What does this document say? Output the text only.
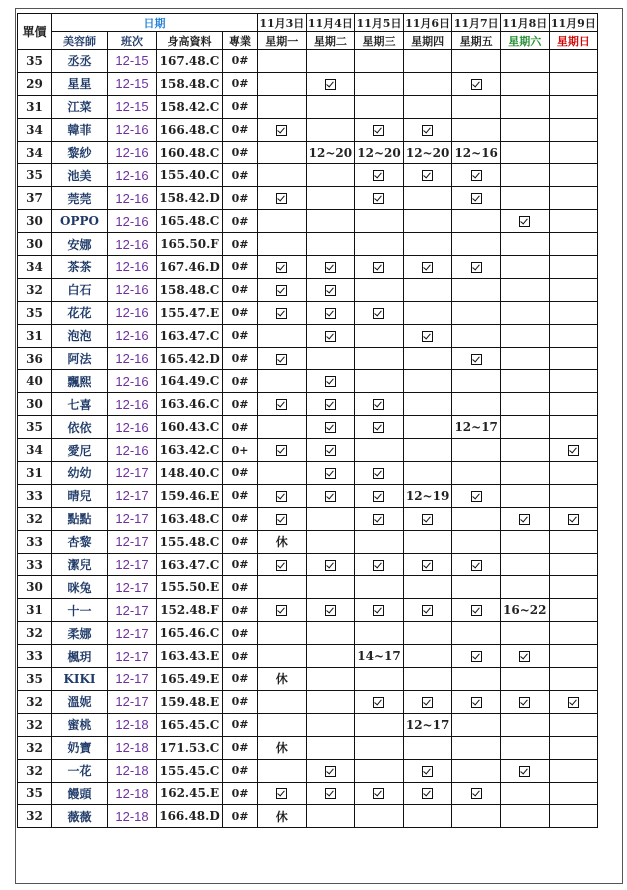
單價	日期				11月3日	11月4日	11月5日	11月6日	11月7日	11月8日	11月9日
	美容師	班次	身高資料	專業	星期一	星期二	星期三	星期四	星期五	星期六	星期日
35	丞丞	12-15	167.48.C	0#							
29	星星	12-15	158.48.C	0#							
31	江菜	12-15	158.42.C	0#							
34	韓菲	12-16	166.48.C	0#							
34	黎紗	12-16	160.48.C	0#		12~20	12~20	12~20	12~16		
35	池美	12-16	155.40.C	0#							
37	莞莞	12-16	158.42.D	0#							
30	OPPO	12-16	165.48.C	0#							
30	安娜	12-16	165.50.F	0#							
34	茶茶	12-16	167.46.D	0#							
32	白石	12-16	158.48.C	0#							
35	花花	12-16	155.47.E	0#							
31	泡泡	12-16	163.47.C	0#							
36	阿法	12-16	165.42.D	0#							
40	飄熙	12-16	164.49.C	0#							
30	七喜	12-16	163.46.C	0#							
35	依依	12-16	160.43.C	0#					12~17		
34	愛尼	12-16	163.42.C	0+							
31	幼幼	12-17	148.40.C	0#							
33	晴兒	12-17	159.46.E	0#				12~19			
32	點點	12-17	163.48.C	0#							
33	杏黎	12-17	155.48.C	0#	休						
33	潔兒	12-17	163.47.C	0#							
30	咪兔	12-17	155.50.E	0#							
31	十一	12-17	152.48.F	0#						16~22	
32	柔娜	12-17	165.46.C	0#							
33	楓玥	12-17	163.43.E	0#			14~17				
35	KIKI	12-17	165.49.E	0#	休						
32	溫妮	12-17	159.48.E	0#							
32	蜜桃	12-18	165.45.C	0#				12~17			
32	奶寶	12-18	171.53.C	0#	休						
32	一花	12-18	155.45.C	0#							
35	饅頭	12-18	162.45.E	0#							
32	薇薇	12-18	166.48.D	0#	休						
